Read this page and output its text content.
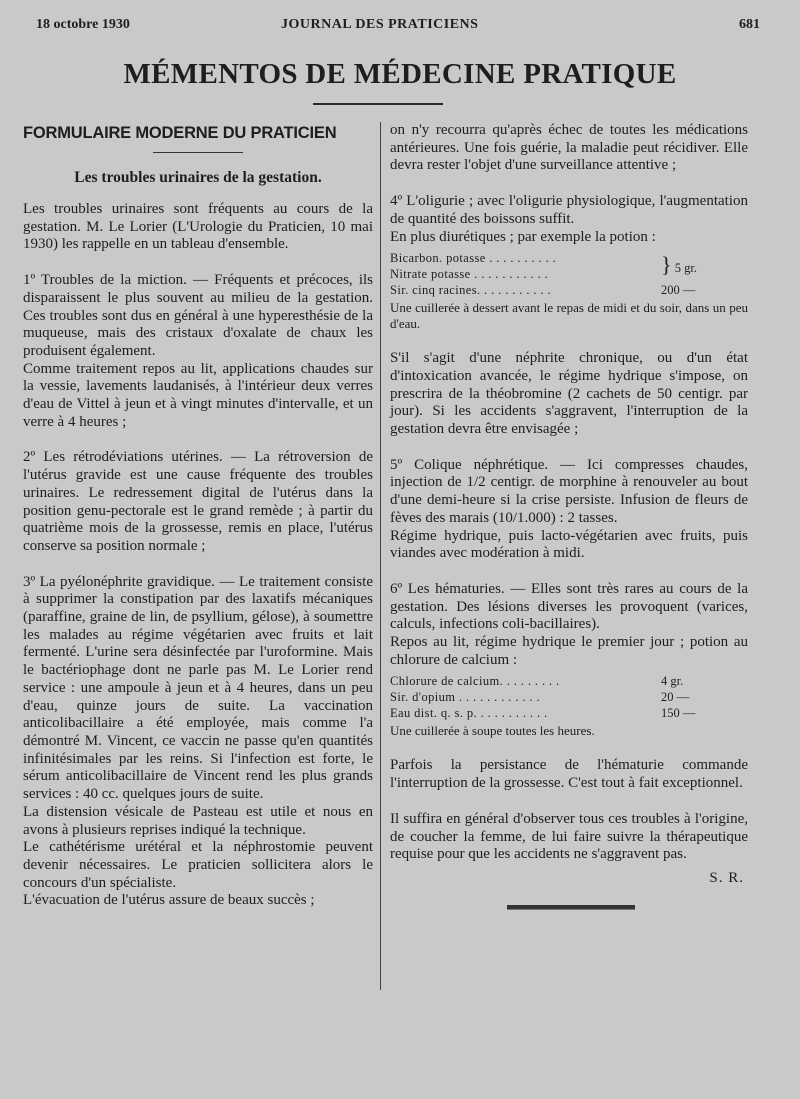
18 octobre 1930	JOURNAL DES PRATICIENS	681
MÉMENTOS DE MÉDECINE PRATIQUE
FORMULAIRE MODERNE DU PRATICIEN
Les troubles urinaires de la gestation.

Les troubles urinaires sont fréquents au cours de la gestation. M. Le Lorier (L'Urologie du Praticien, 10 mai 1930) les rappelle en un tableau d'ensemble.

1º Troubles de la miction. — Fréquents et précoces, ils disparaissent le plus souvent au milieu de la gestation. Ces troubles sont dus en général à une hyperesthésie de la muqueuse, mais des cristaux d'oxalate de chaux les produisent également.

Comme traitement repos au lit, applications chaudes sur la vessie, lavements laudanisés, à l'intérieur deux verres d'eau de Vittel à jeun et à vingt minutes d'intervalle, et un verre à 4 heures ;

2º Les rétrodéviations utérines. — La rétroversion de l'utérus gravide est une cause fréquente des troubles urinaires. Le redressement digital de l'utérus dans la position genu-pectorale est le grand remède ; à partir du quatrième mois de la grossesse, remis en place, l'utérus conserve sa position normale ;

3º La pyélonéphrite gravidique. — Le traitement consiste à supprimer la constipation par des laxatifs mécaniques (paraffine, graine de lin, de psyllium, gélose), à soumettre les malades au régime végétarien avec fruits et lait fermenté. L'urine sera désinfectée par l'uroformine. Mais le bactériophage dont ne parle pas M. Le Lorier rend service : une ampoule à jeun et à 4 heures, dans un peu d'eau, quinze jours de suite. La vaccination anticolibacillaire a été employée, mais comme l'a démontré M. Vincent, ce vaccin ne passe qu'en quantités infinitésimales par les reins. Si l'infection est forte, le sérum anticolibacillaire de Vincent rend les plus grands services : 40 cc. quelques jours de suite.

La distension vésicale de Pasteau est utile et nous en avons à plusieurs reprises indiqué la technique.

Le cathétérisme urétéral et la néphrostomie peuvent devenir nécessaires. Le praticien sollicitera alors le concours d'un spécialiste.

L'évacuation de l'utérus assure de beaux succès ;

on n'y recourra qu'après échec de toutes les médications antérieures. Une fois guérie, la maladie peut récidiver. Elle devra rester l'objet d'une surveillance attentive ;

4º L'oligurie ; avec l'oligurie physiologique, l'augmentation de quantité des boissons suffit.

En plus diurétiques ; par exemple la potion :

Bicarbon. potasse . . . . . . . . . .	} 5 gr.
Nitrate potasse . . . . . . . . . . .	
Sir. cinq racines. . . . . . . . . . .	200 —

Une cuillerée à dessert avant le repas de midi et du soir, dans un peu d'eau.

S'il s'agit d'une néphrite chronique, ou d'un état d'intoxication avancée, le régime hydrique s'impose, on prescrira de la théobromine (2 cachets de 50 centigr. par jour). Si les accidents s'aggravent, l'interruption de la gestation devra être envisagée ;

5º Colique néphrétique. — Ici compresses chaudes, injection de 1/2 centigr. de morphine à renouveler au bout d'une demi-heure si la crise persiste. Infusion de fleurs de fèves des marais (10/1.000) : 2 tasses.

Régime hydrique, puis lacto-végétarien avec fruits, puis viandes avec modération à midi.

6º Les hématuries. — Elles sont très rares au cours de la gestation. Des lésions diverses les provoquent (varices, calculs, infections coli-bacillaires).

Repos au lit, régime hydrique le premier jour ; potion au chlorure de calcium :

Chlorure de calcium. . . . . . . . .	4 gr.
Sir. d'opium . . . . . . . . . . . .	20 —
Eau dist. q. s. p. . . . . . . . . . .	150 —

Une cuillerée à soupe toutes les heures.

Parfois la persistance de l'hématurie commande l'interruption de la grossesse. C'est tout à fait exceptionnel.

Il suffira en général d'observer tous ces troubles à l'origine, de coucher la femme, de lui faire suivre la thérapeutique requise pour que les accidents ne s'aggravent pas.

S. R.
